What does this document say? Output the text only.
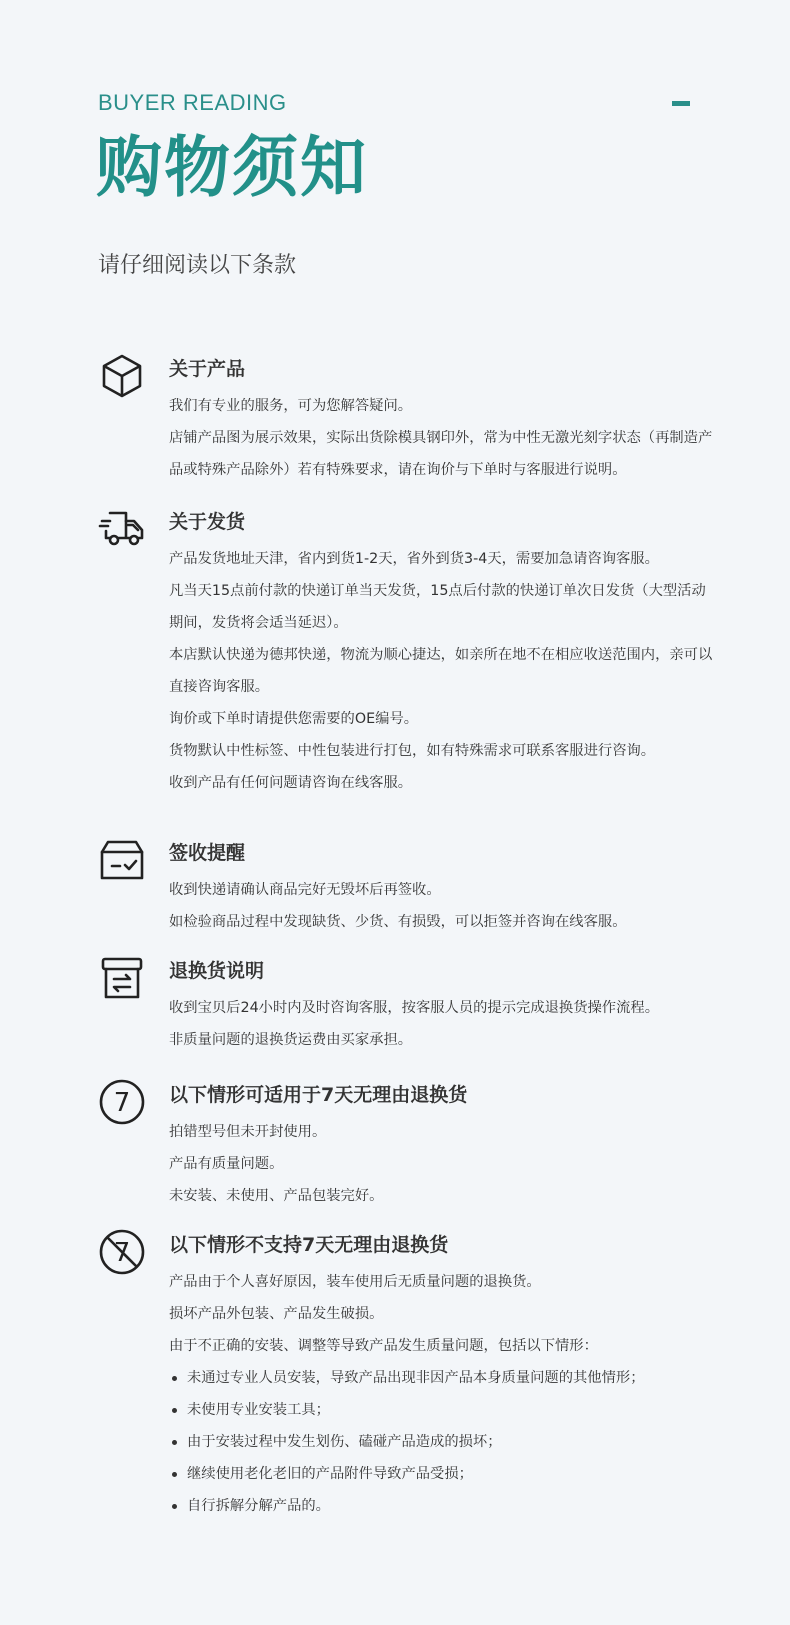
BUYER READING
购物须知
请仔细阅读以下条款
关于产品

我们有专业的服务，可为您解答疑问。

店铺产品图为展示效果，实际出货除模具钢印外，常为中性无激光刻字状态（再制造产品或特殊产品除外）若有特殊要求，请在询价与下单时与客服进行说明。

关于发货

产品发货地址天津，省内到货1-2天，省外到货3-4天，需要加急请咨询客服。

凡当天15点前付款的快递订单当天发货，15点后付款的快递订单次日发货（大型活动期间，发货将会适当延迟）。

本店默认快递为德邦快递，物流为顺心捷达，如亲所在地不在相应收送范围内，亲可以直接咨询客服。

询价或下单时请提供您需要的OE编号。

货物默认中性标签、中性包装进行打包，如有特殊需求可联系客服进行咨询。

收到产品有任何问题请咨询在线客服。

签收提醒

收到快递请确认商品完好无毁坏后再签收。

如检验商品过程中发现缺货、少货、有损毁，可以拒签并咨询在线客服。

退换货说明

收到宝贝后24小时内及时咨询客服，按客服人员的提示完成退换货操作流程。

非质量问题的退换货运费由买家承担。

7 以下情形可适用于7天无理由退换货

拍错型号但未开封使用。

产品有质量问题。

未安装、未使用、产品包装完好。

7 以下情形不支持7天无理由退换货

产品由于个人喜好原因，装车使用后无质量问题的退换货。

损坏产品外包装、产品发生破损。

由于不正确的安装、调整等导致产品发生质量问题，包括以下情形：

未通过专业人员安装，导致产品出现非因产品本身质量问题的其他情形；
未使用专业安装工具；
由于安装过程中发生划伤、磕碰产品造成的损坏；
继续使用老化老旧的产品附件导致产品受损；
自行拆解分解产品的。
